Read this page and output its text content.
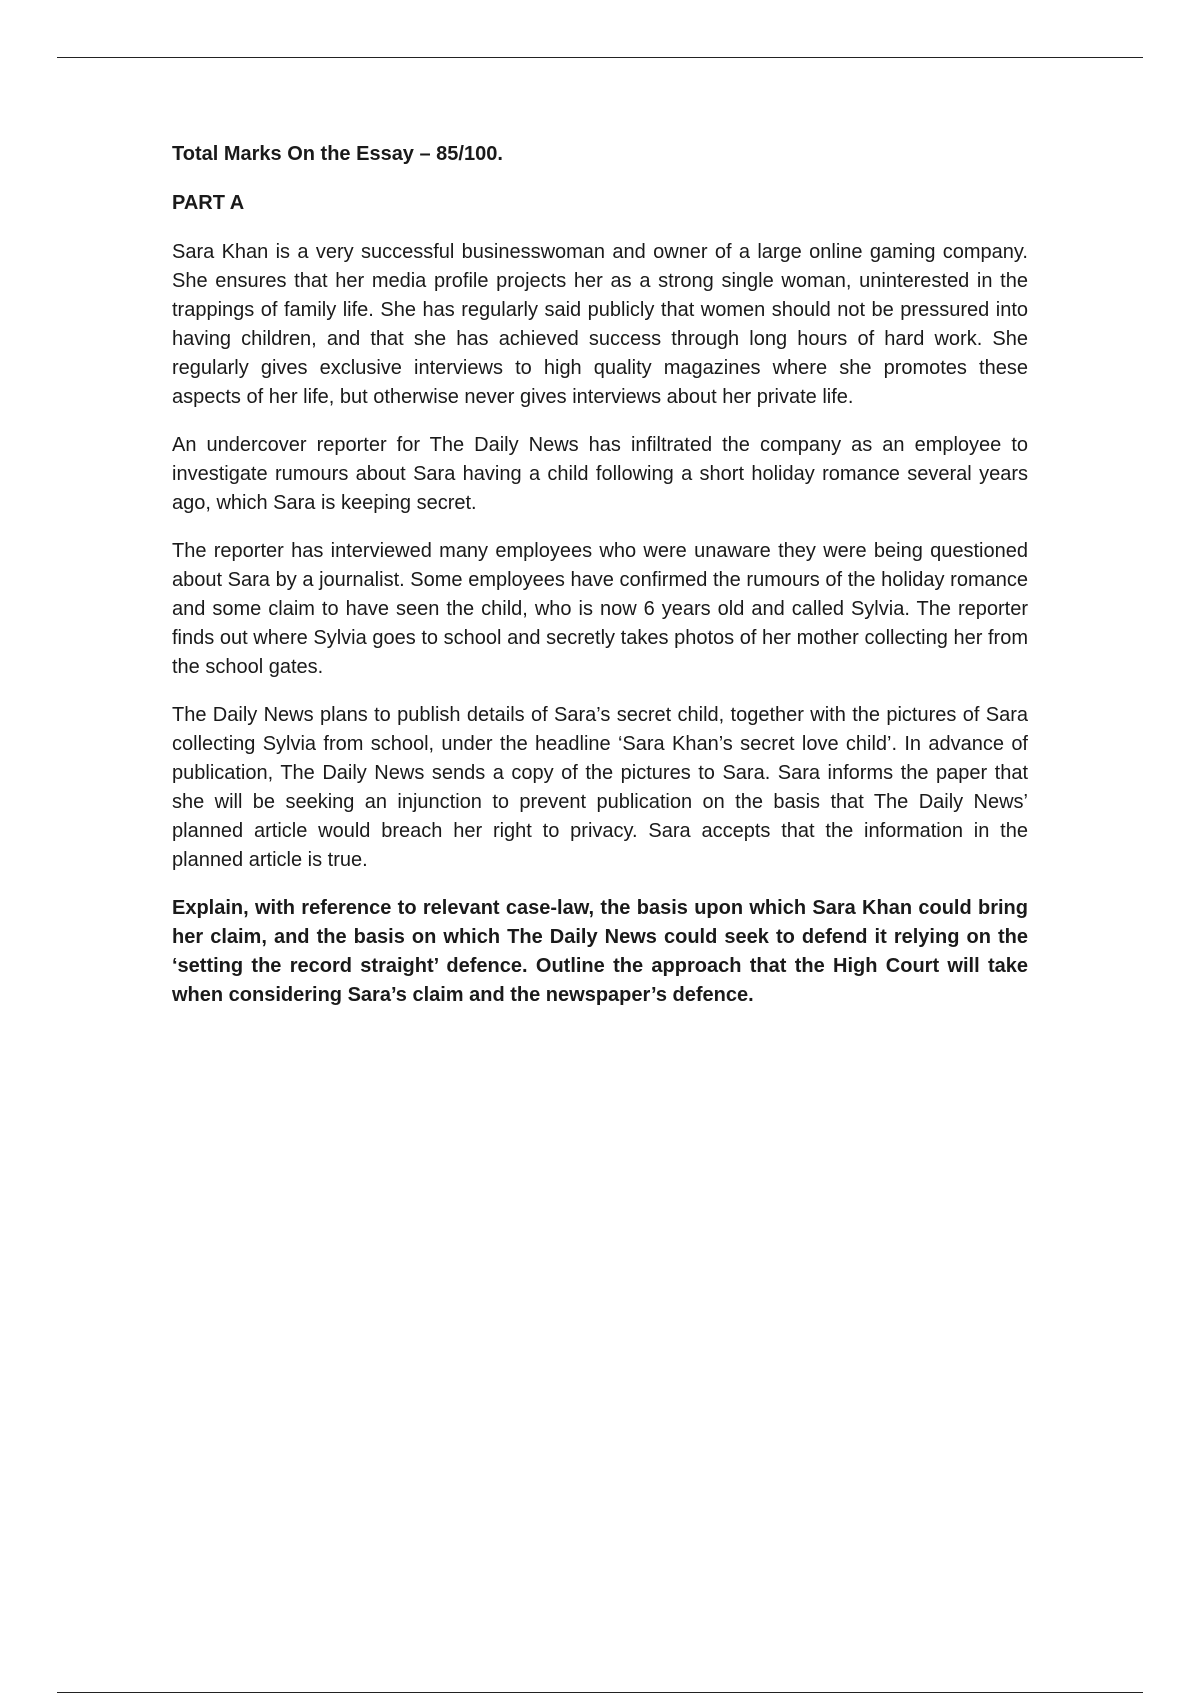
Total Marks On the Essay – 85/100.

PART A

Sara Khan is a very successful businesswoman and owner of a large online gaming company. She ensures that her media profile projects her as a strong single woman, uninterested in the trappings of family life. She has regularly said publicly that women should not be pressured into having children, and that she has achieved success through long hours of hard work. She regularly gives exclusive interviews to high quality magazines where she promotes these aspects of her life, but otherwise never gives interviews about her private life.

An undercover reporter for The Daily News has infiltrated the company as an employee to investigate rumours about Sara having a child following a short holiday romance several years ago, which Sara is keeping secret.

The reporter has interviewed many employees who were unaware they were being questioned about Sara by a journalist. Some employees have confirmed the rumours of the holiday romance and some claim to have seen the child, who is now 6 years old and called Sylvia. The reporter finds out where Sylvia goes to school and secretly takes photos of her mother collecting her from the school gates.

The Daily News plans to publish details of Sara’s secret child, together with the pictures of Sara collecting Sylvia from school, under the headline ‘Sara Khan’s secret love child’. In advance of publication, The Daily News sends a copy of the pictures to Sara. Sara informs the paper that she will be seeking an injunction to prevent publication on the basis that The Daily News’ planned article would breach her right to privacy. Sara accepts that the information in the planned article is true.

Explain, with reference to relevant case-law, the basis upon which Sara Khan could bring her claim, and the basis on which The Daily News could seek to defend it relying on the ‘setting the record straight’ defence. Outline the approach that the High Court will take when considering Sara’s claim and the newspaper’s defence.
